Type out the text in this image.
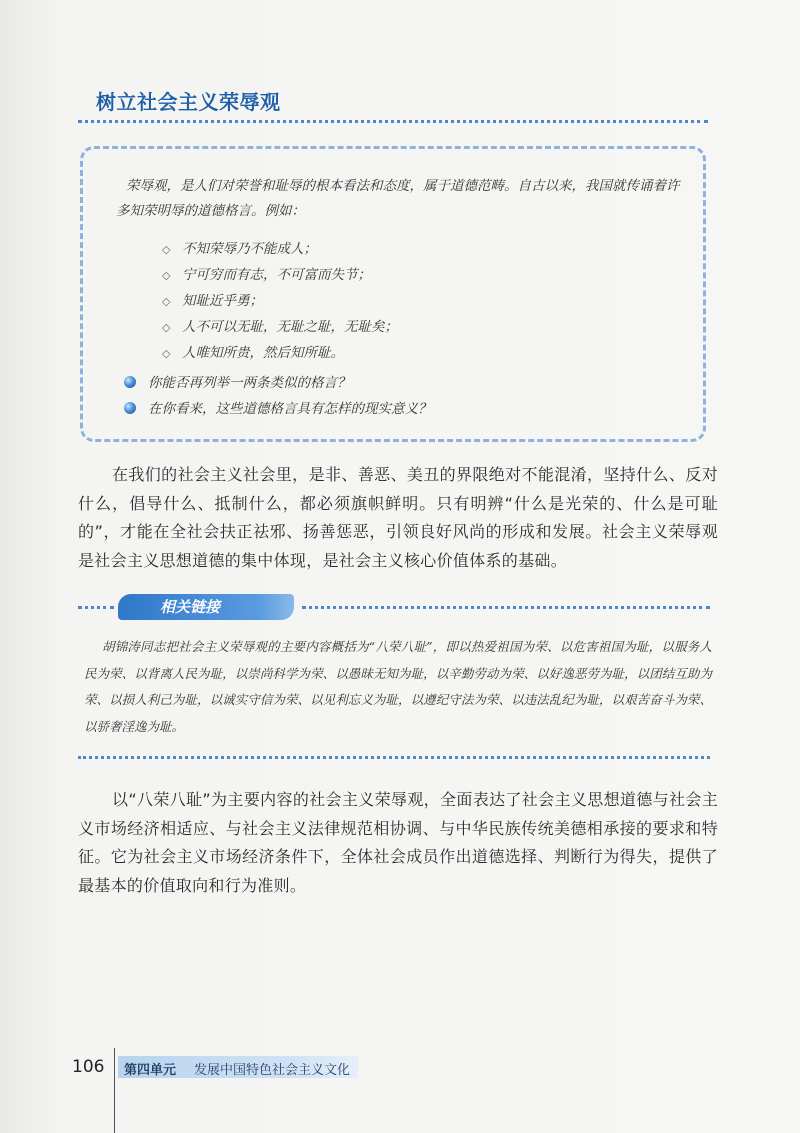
树立社会主义荣辱观
荣辱观，是人们对荣誉和耻辱的根本看法和态度，属于道德范畴。自古以来，我国就传诵着许多知荣明辱的道德格言。例如：
◇ 不知荣辱乃不能成人；
◇ 宁可穷而有志，不可富而失节；
◇ 知耻近乎勇；
◇ 人不可以无耻，无耻之耻，无耻矣；
◇ 人唯知所贵，然后知所耻。
你能否再列举一两条类似的格言？
在你看来，这些道德格言具有怎样的现实意义？

在我们的社会主义社会里，是非、善恶、美丑的界限绝对不能混淆，坚持什么、反对什么，倡导什么、抵制什么，都必须旗帜鲜明。只有明辨“什么是光荣的、什么是可耻的”，才能在全社会扶正祛邪、扬善惩恶，引领良好风尚的形成和发展。社会主义荣辱观是社会主义思想道德的集中体现，是社会主义核心价值体系的基础。

相关链接

胡锦涛同志把社会主义荣辱观的主要内容概括为“八荣八耻”，即以热爱祖国为荣、以危害祖国为耻，以服务人民为荣、以背离人民为耻，以崇尚科学为荣、以愚昧无知为耻，以辛勤劳动为荣、以好逸恶劳为耻，以团结互助为荣、以损人利己为耻，以诚实守信为荣、以见利忘义为耻，以遵纪守法为荣、以违法乱纪为耻，以艰苦奋斗为荣、以骄奢淫逸为耻。

以“八荣八耻”为主要内容的社会主义荣辱观，全面表达了社会主义思想道德与社会主义市场经济相适应、与社会主义法律规范相协调、与中华民族传统美德相承接的要求和特征。它为社会主义市场经济条件下，全体社会成员作出道德选择、判断行为得失，提供了最基本的价值取向和行为准则。

106 第四单元 发展中国特色社会主义文化
